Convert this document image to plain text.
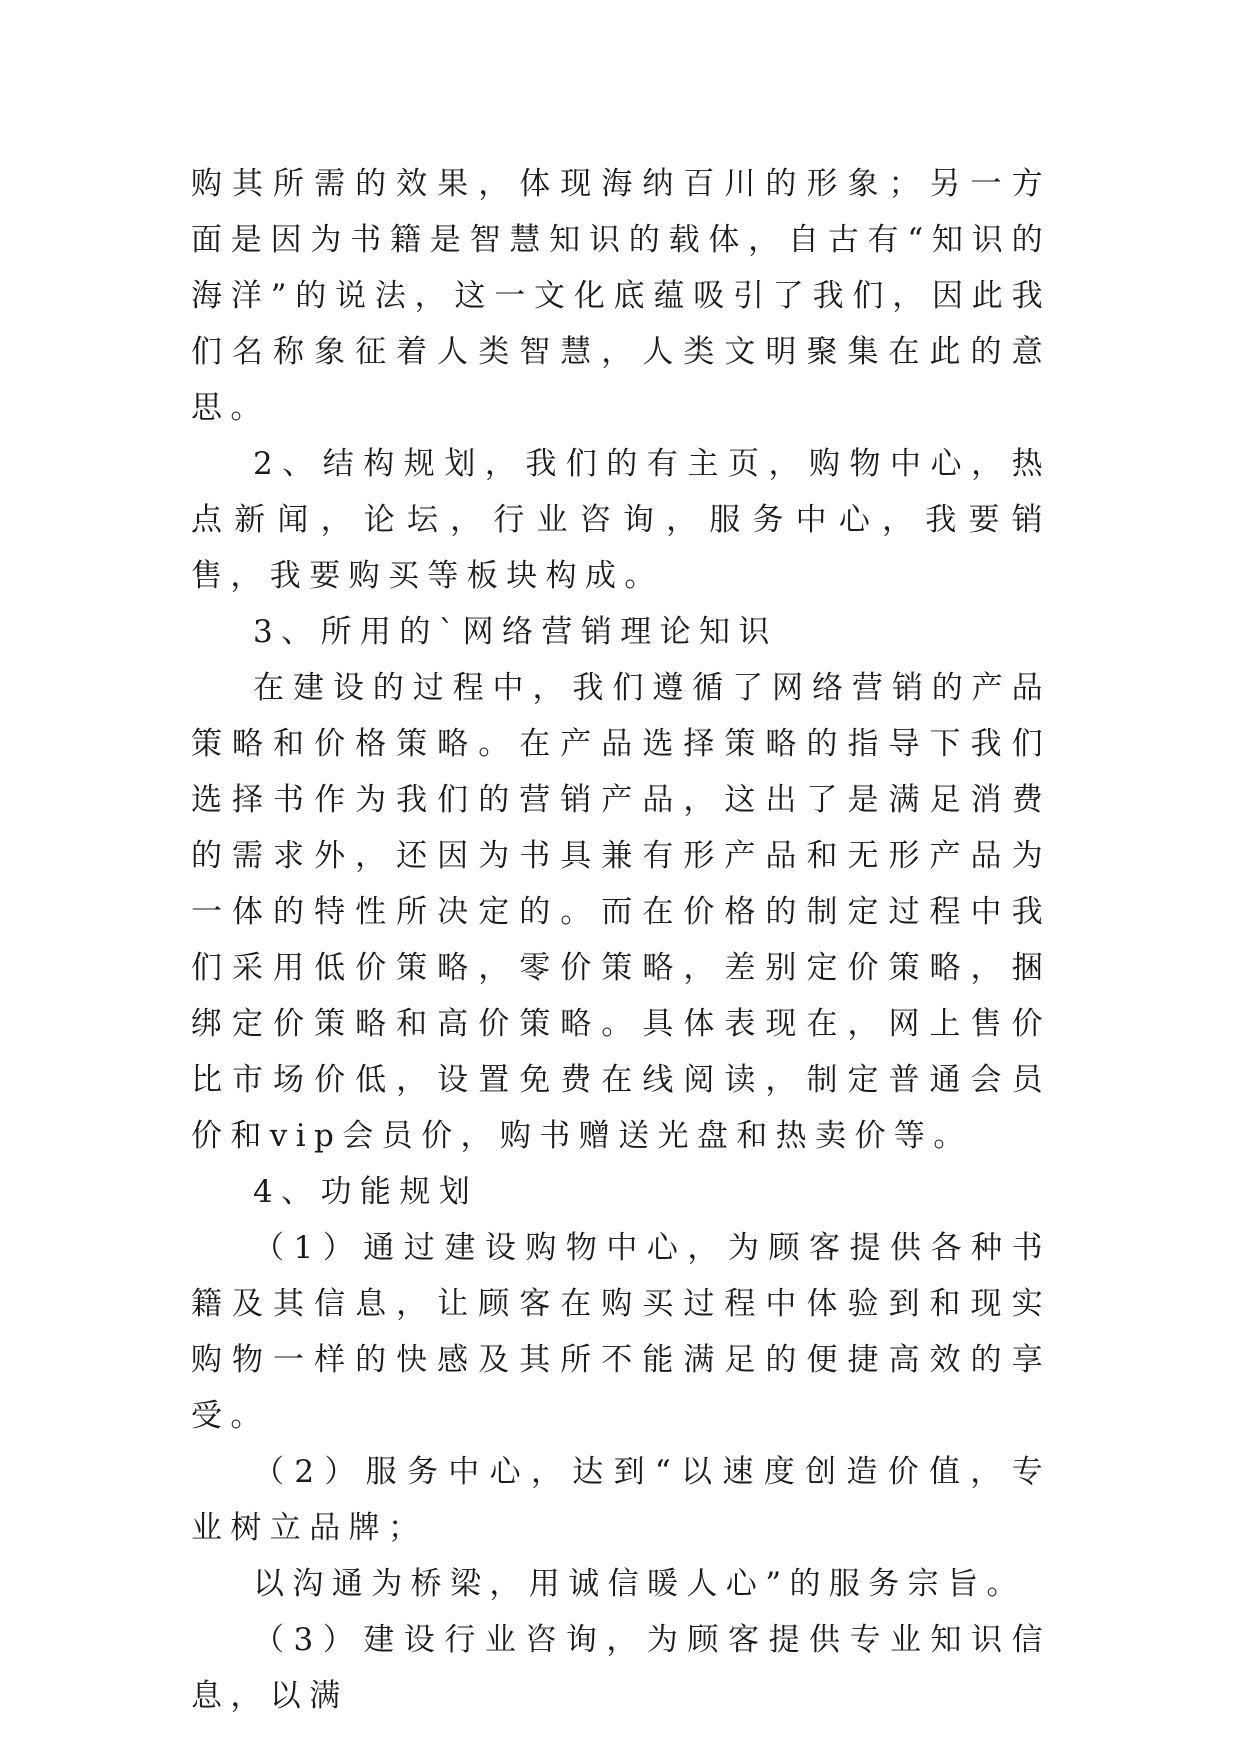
购其所需的效果，体现海纳百川的形象；另一方面是因为书籍是智慧知识的载体，自古有“知识的海洋”的说法，这一文化底蕴吸引了我们，因此我们名称象征着人类智慧，人类文明聚集在此的意思。

2、结构规划，我们的有主页，购物中心，热点新闻，论坛，行业咨询，服务中心，我要销售，我要购买等板块构成。

3、所用的`网络营销理论知识

在建设的过程中，我们遵循了网络营销的产品策略和价格策略。在产品选择策略的指导下我们选择书作为我们的营销产品，这出了是满足消费的需求外，还因为书具兼有形产品和无形产品为一体的特性所决定的。而在价格的制定过程中我们采用低价策略，零价策略，差别定价策略，捆绑定价策略和高价策略。具体表现在，网上售价比市场价低，设置免费在线阅读，制定普通会员价和vip会员价，购书赠送光盘和热卖价等。

4、功能规划

（1）通过建设购物中心，为顾客提供各种书籍及其信息，让顾客在购买过程中体验到和现实购物一样的快感及其所不能满足的便捷高效的享受。

（2）服务中心，达到“以速度创造价值，专业树立品牌；

以沟通为桥梁，用诚信暖人心”的服务宗旨。

（3）建设行业咨询，为顾客提供专业知识信息，以满
